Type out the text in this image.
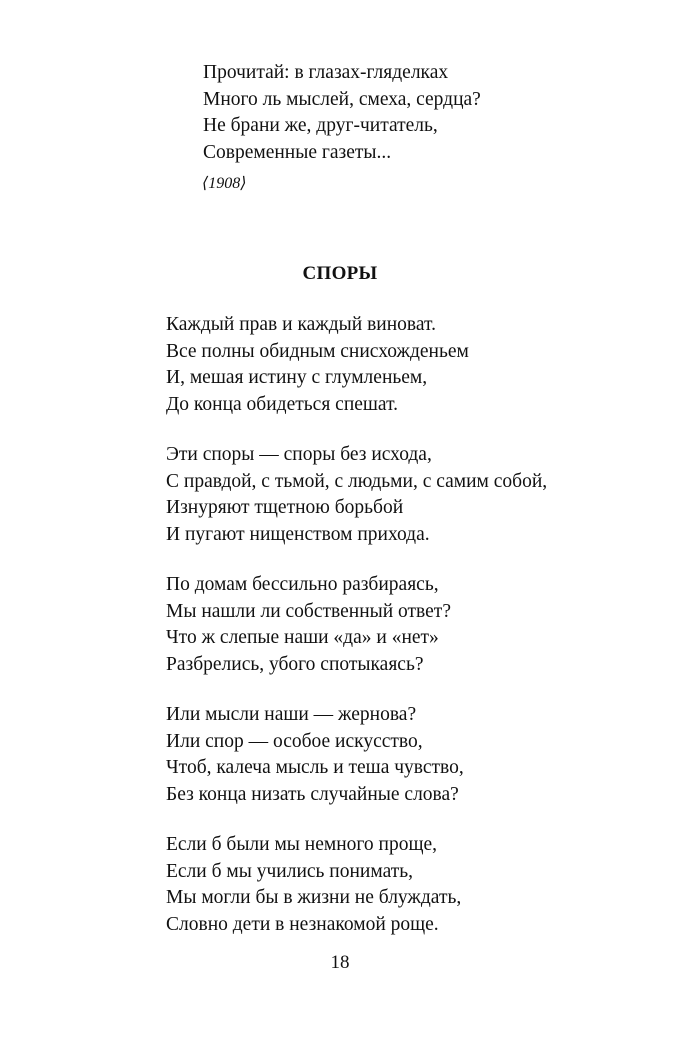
Прочитай: в глазах-гляделках
Много ль мыслей, смеха, сердца?
Не брани же, друг-читатель,
Современные газеты...
⟨1908⟩
СПОРЫ
Каждый прав и каждый виноват.
Все полны обидным снисхожденьем
И, мешая истину с глумленьем,
До конца обидеться спешат.
Эти споры — споры без исхода,
С правдой, с тьмой, с людьми, с самим собой,
Изнуряют тщетною борьбой
И пугают нищенством прихода.
По домам бессильно разбираясь,
Мы нашли ли собственный ответ?
Что ж слепые наши «да» и «нет»
Разбрелись, убого спотыкаясь?
Или мысли наши — жернова?
Или спор — особое искусство,
Чтоб, калеча мысль и теша чувство,
Без конца низать случайные слова?
Если б были мы немного проще,
Если б мы учились понимать,
Мы могли бы в жизни не блуждать,
Словно дети в незнакомой роще.
18
